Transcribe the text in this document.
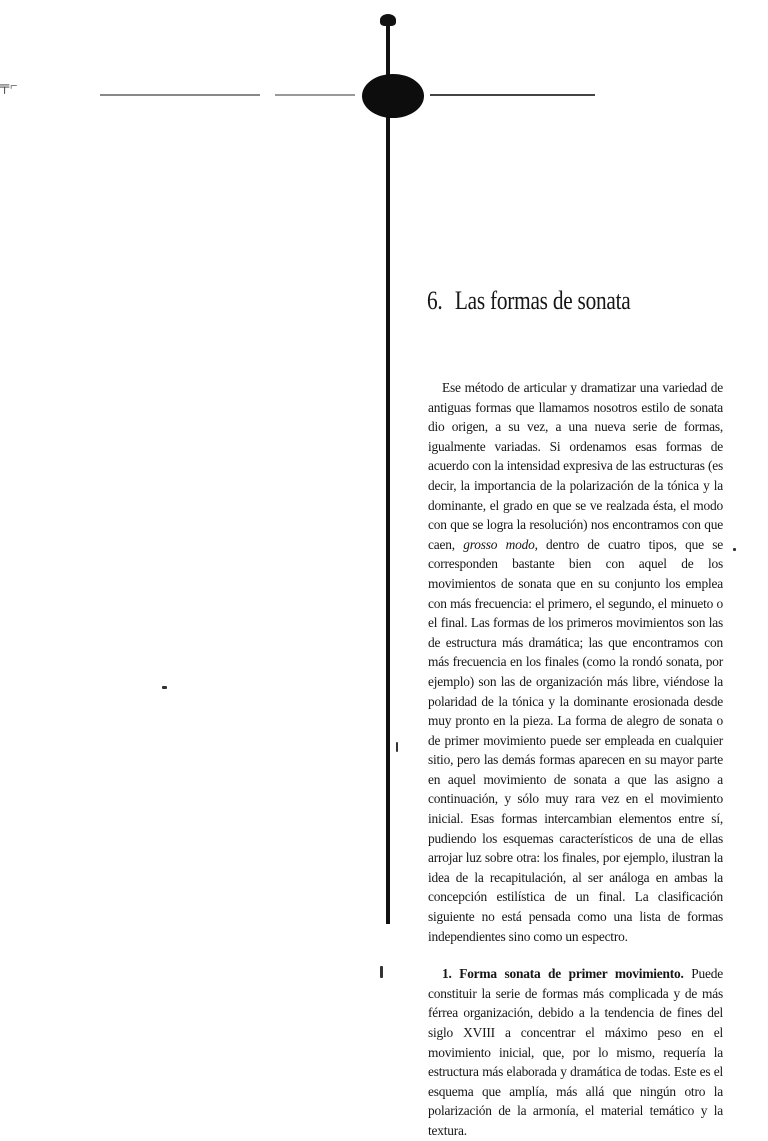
╤⌐
6. Las formas de sonata

Ese método de articular y dramatizar una variedad de antiguas formas que llamamos nosotros estilo de sonata dio origen, a su vez, a una nueva serie de formas, igualmente variadas. Si ordenamos esas formas de acuerdo con la intensidad expresiva de las estructuras (es decir, la importancia de la polarización de la tónica y la dominante, el grado en que se ve realzada ésta, el modo con que se logra la resolución) nos encontramos con que caen, grosso modo, dentro de cuatro tipos, que se corresponden bastante bien con aquel de los movimientos de sonata que en su conjunto los emplea con más frecuencia: el primero, el segundo, el minueto o el final. Las formas de los primeros movimientos son las de estructura más dramática; las que encontramos con más frecuencia en los finales (como la rondó sonata, por ejemplo) son las de organización más libre, viéndose la polaridad de la tónica y la dominante erosionada desde muy pronto en la pieza. La forma de alegro de sonata o de primer movimiento puede ser empleada en cualquier sitio, pero las demás formas aparecen en su mayor parte en aquel movimiento de sonata a que las asigno a continuación, y sólo muy rara vez en el movimiento inicial. Esas formas intercambian elementos entre sí, pudiendo los esquemas característicos de una de ellas arrojar luz sobre otra: los finales, por ejemplo, ilustran la idea de la recapitulación, al ser análoga en ambas la concepción estilística de un final. La clasificación siguiente no está pensada como una lista de formas independientes sino como un espectro.

1. Forma sonata de primer movimiento. Puede constituir la serie de formas más complicada y de más férrea organización, debido a la tendencia de fines del siglo XVIII a concentrar el máximo peso en el movimiento inicial, que, por lo mismo, requería la estructura más elaborada y dramática de todas. Este es el esquema que amplía, más allá que ningún otro la polarización de la armonía, el material temático y la textura.
